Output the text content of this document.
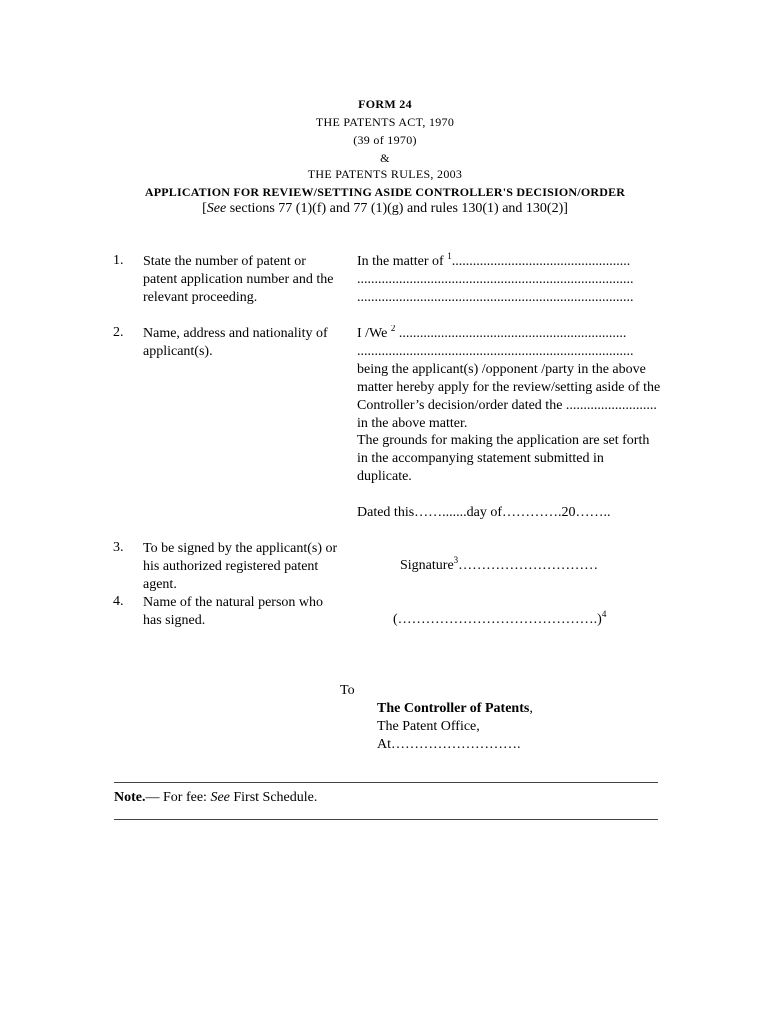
FORM 24
THE PATENTS ACT, 1970
(39 of 1970)
&
THE PATENTS RULES, 2003
APPLICATION FOR REVIEW/SETTING ASIDE CONTROLLER'S DECISION/ORDER
[See sections 77 (1)(f) and 77 (1)(g) and rules 130(1) and 130(2)]
1. State the number of patent or patent application number and the relevant proceeding.
In the matter of $^1$...................................................
...............................................................................
...............................................................................
2. Name, address and nationality of applicant(s).
I /We $^2$ .................................................................
...............................................................................
being the applicant(s) /opponent /party in the above matter hereby apply for the review/setting aside of the Controller’s decision/order dated the .......................... in the above matter.
The grounds for making the application are set forth in the accompanying statement submitted in duplicate.
Dated this…….......day of………….20……..
3. To be signed by the applicant(s) or his authorized registered patent agent.
4. Name of the natural person who has signed.
Signature$^3$…………………………
(…………………………………….)$^4$
To
The Controller of Patents,
The Patent Office,
At……………………….
Note.— For fee: See First Schedule.
